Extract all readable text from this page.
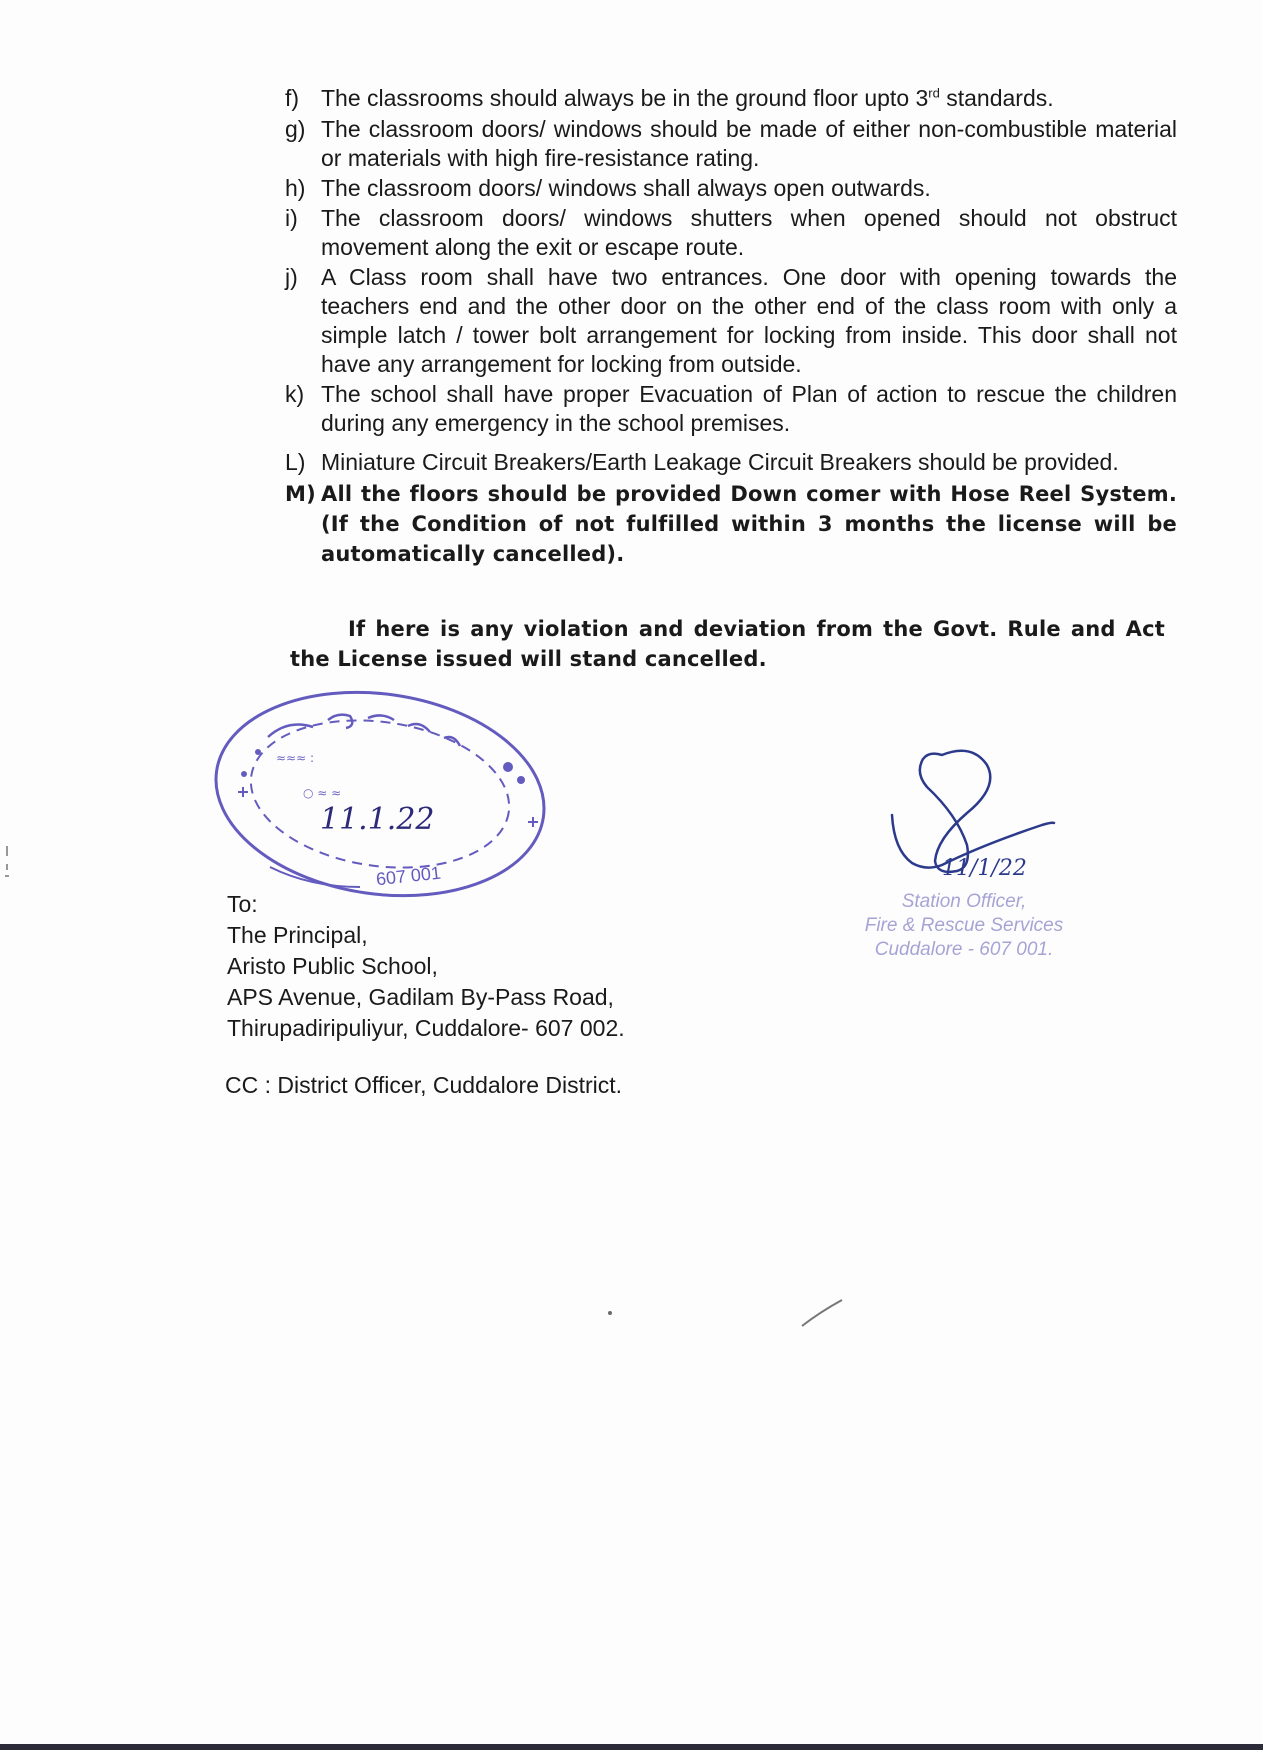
f) The classrooms should always be in the ground floor upto 3rd standards.
g) The classroom doors/ windows should be made of either non-combustible material or materials with high fire-resistance rating.
h) The classroom doors/ windows shall always open outwards.
i) The classroom doors/ windows shutters when opened should not obstruct movement along the exit or escape route.
j) A Class room shall have two entrances. One door with opening towards the teachers end and the other door on the other end of the class room with only a simple latch / tower bolt arrangement for locking from inside. This door shall not have any arrangement for locking from outside.
k) The school shall have proper Evacuation of Plan of action to rescue the children during any emergency in the school premises.
L) Miniature Circuit Breakers/Earth Leakage Circuit Breakers should be provided.
M) All the floors should be provided Down comer with Hose Reel System. (If the Condition of not fulfilled within 3 months the license will be automatically cancelled).

If here is any violation and deviation from the Govt. Rule and Act the License issued will stand cancelled.

○ ≈ ≈
≈≈≈ :
11.1.22
607 001	11/1/22
Station Officer,
Fire & Rescue Services
Cuddalore - 607 001.
To:
The Principal,
Aristo Public School,
APS Avenue, Gadilam By-Pass Road,
Thirupadiripuliyur, Cuddalore- 607 002.
CC : District Officer, Cuddalore District.
